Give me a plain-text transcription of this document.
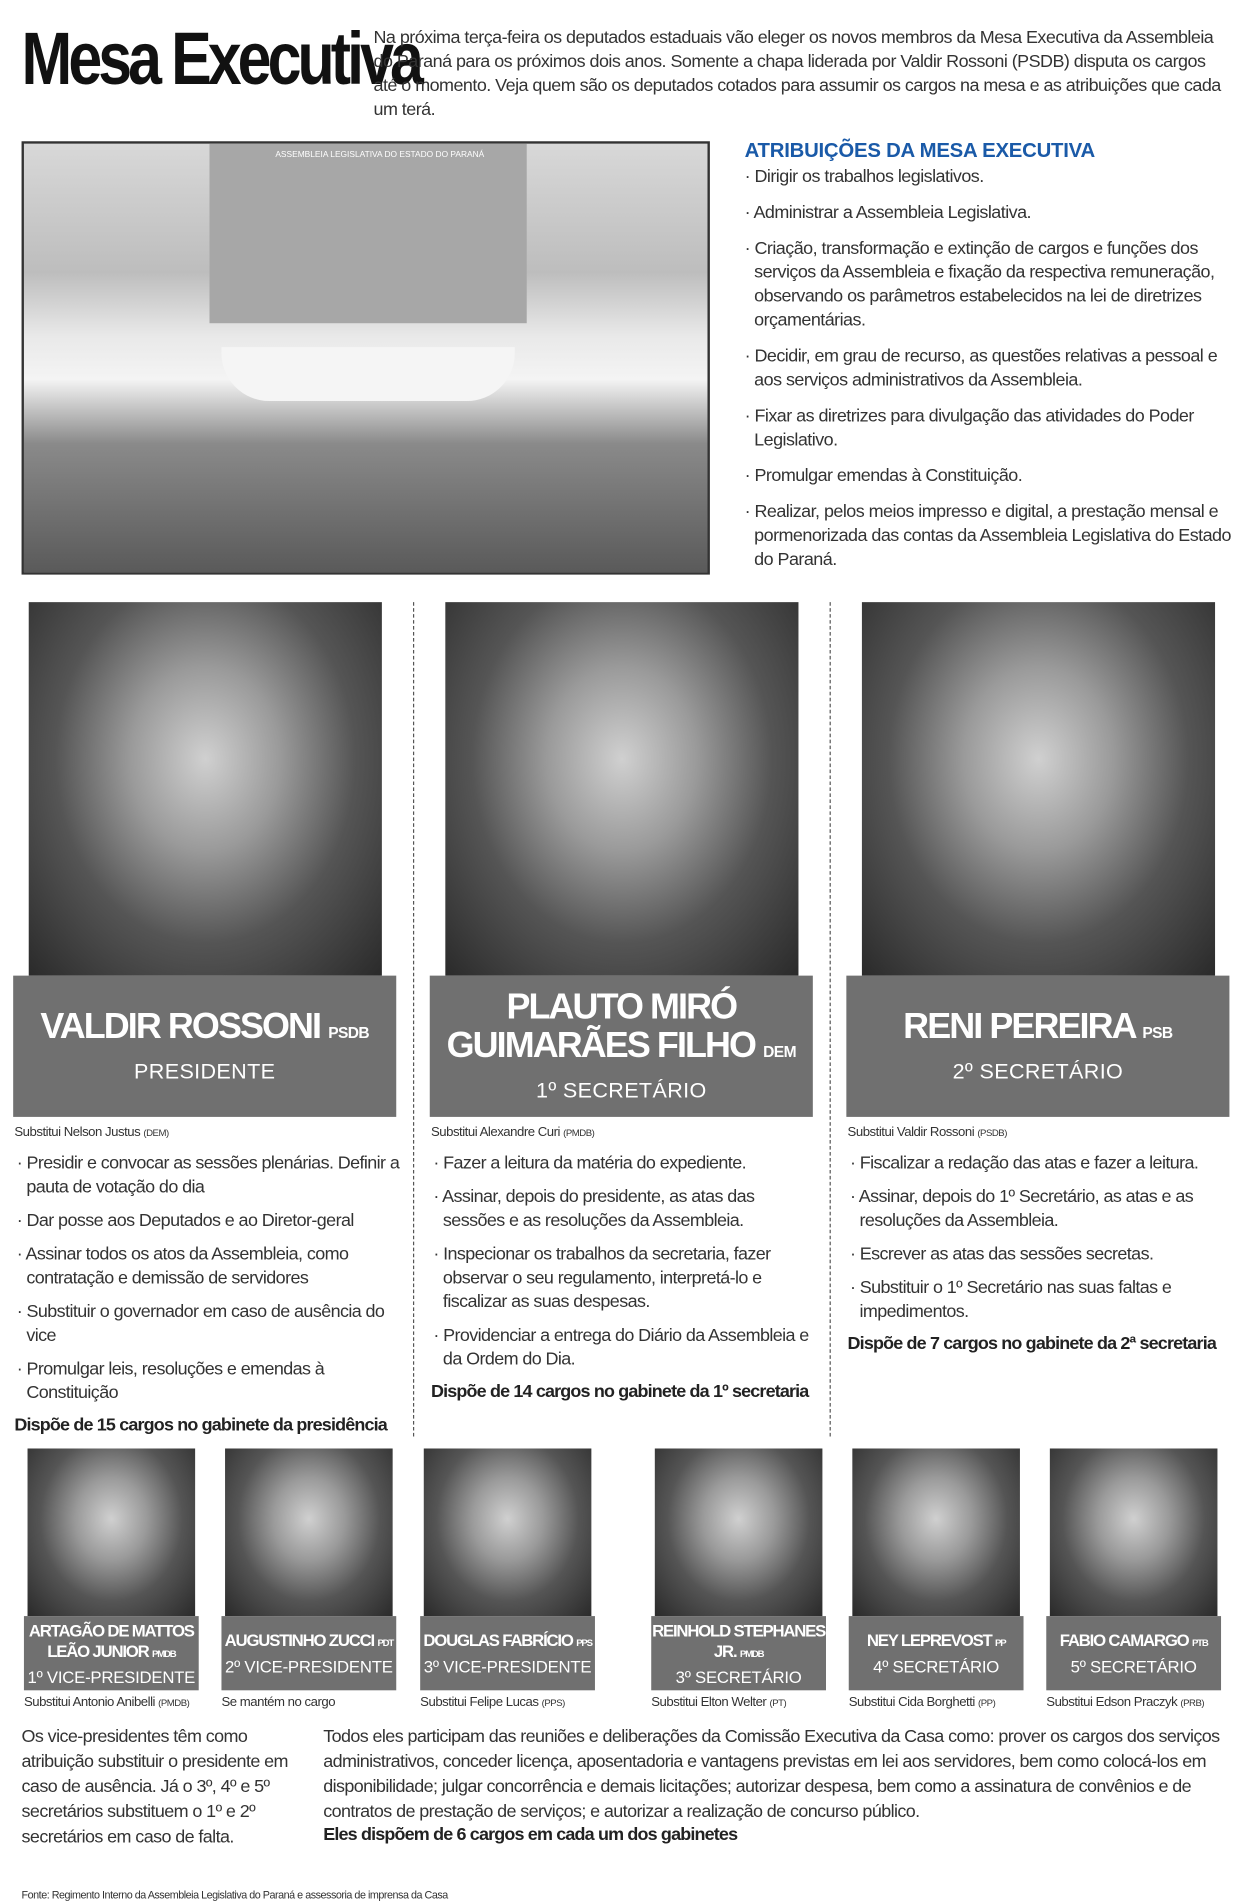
Mesa Executiva
Na próxima terça-feira os deputados estaduais vão eleger os novos membros da Mesa Executiva da Assembleia do Paraná para os próximos dois anos. Somente a chapa liderada por Valdir Rossoni (PSDB) disputa os cargos até o momento. Veja quem são os deputados cotados para assumir os cargos na mesa e as atribuições que cada um terá.
ASSEMBLEIA LEGISLATIVA DO ESTADO DO PARANÁ	ATRIBUIÇÕES DA MESA EXECUTIVA
· Dirigir os trabalhos legislativos.
· Administrar a Assembleia Legislativa.
· Criação, transformação e extinção de cargos e funções dos serviços da Assembleia e fixação da respectiva remuneração, observando os parâmetros estabelecidos na lei de diretrizes orçamentárias.
· Decidir, em grau de recurso, as questões relativas a pessoal e aos serviços administrativos da Assembleia.
· Fixar as diretrizes para divulgação das atividades do Poder Legislativo.
· Promulgar emendas à Constituição.
· Realizar, pelos meios impresso e digital, a prestação mensal e pormenorizada das contas da Assembleia Legislativa do Estado do Paraná.
VALDIR ROSSONI PSDB
PRESIDENTE
Substitui Nelson Justus (DEM)
· Presidir e convocar as sessões plenárias. Definir a pauta de votação do dia
· Dar posse aos Deputados e ao Diretor-geral
· Assinar todos os atos da Assembleia, como contratação e demissão de servidores
· Substituir o governador em caso de ausência do vice
· Promulgar leis, resoluções e emendas à Constituição
Dispõe de 15 cargos no gabinete da presidência
PLAUTO MIRÓ GUIMARÃES FILHO DEM
1º SECRETÁRIO
Substitui Alexandre Curi (PMDB)
· Fazer a leitura da matéria do expediente.
· Assinar, depois do presidente, as atas das sessões e as resoluções da Assembleia.
· Inspecionar os trabalhos da secretaria, fazer observar o seu regulamento, interpretá-lo e fiscalizar as suas despesas.
· Providenciar a entrega do Diário da Assembleia e da Ordem do Dia.
Dispõe de 14 cargos no gabinete da 1º secretaria
RENI PEREIRA PSB
2º SECRETÁRIO
Substitui Valdir Rossoni (PSDB)
· Fiscalizar a redação das atas e fazer a leitura.
· Assinar, depois do 1º Secretário, as atas e as resoluções da Assembleia.
· Escrever as atas das sessões secretas.
· Substituir o 1º Secretário nas suas faltas e impedimentos.
Dispõe de 7 cargos no gabinete da 2ª secretaria
ARTAGÃO DE MATTOS LEÃO JUNIOR PMDB
1º VICE-PRESIDENTE
Substitui Antonio Anibelli (PMDB)
AUGUSTINHO ZUCCI PDT
2º VICE-PRESIDENTE
Se mantém no cargo
DOUGLAS FABRÍCIO PPS
3º VICE-PRESIDENTE
Substitui Felipe Lucas (PPS)
REINHOLD STEPHANES JR. PMDB
3º SECRETÁRIO
Substitui Elton Welter (PT)
NEY LEPREVOST PP
4º SECRETÁRIO
Substitui Cida Borghetti (PP)
FABIO CAMARGO PTB
5º SECRETÁRIO
Substitui Edson Praczyk (PRB)
Os vice-presidentes têm como atribuição substituir o presidente em caso de ausência. Já o 3º, 4º e 5º secretários substituem o 1º e 2º secretários em caso de falta.
Todos eles participam das reuniões e deliberações da Comissão Executiva da Casa como: prover os cargos dos serviços administrativos, conceder licença, aposentadoria e vantagens previstas em lei aos servidores, bem como colocá-los em disponibilidade; julgar concorrência e demais licitações; autorizar despesa, bem como a assinatura de convênios e de contratos de prestação de serviços; e autorizar a realização de concurso público.
Eles dispõem de 6 cargos em cada um dos gabinetes
Fonte: Regimento Interno da Assembleia Legislativa do Paraná e assessoria de imprensa da Casa
